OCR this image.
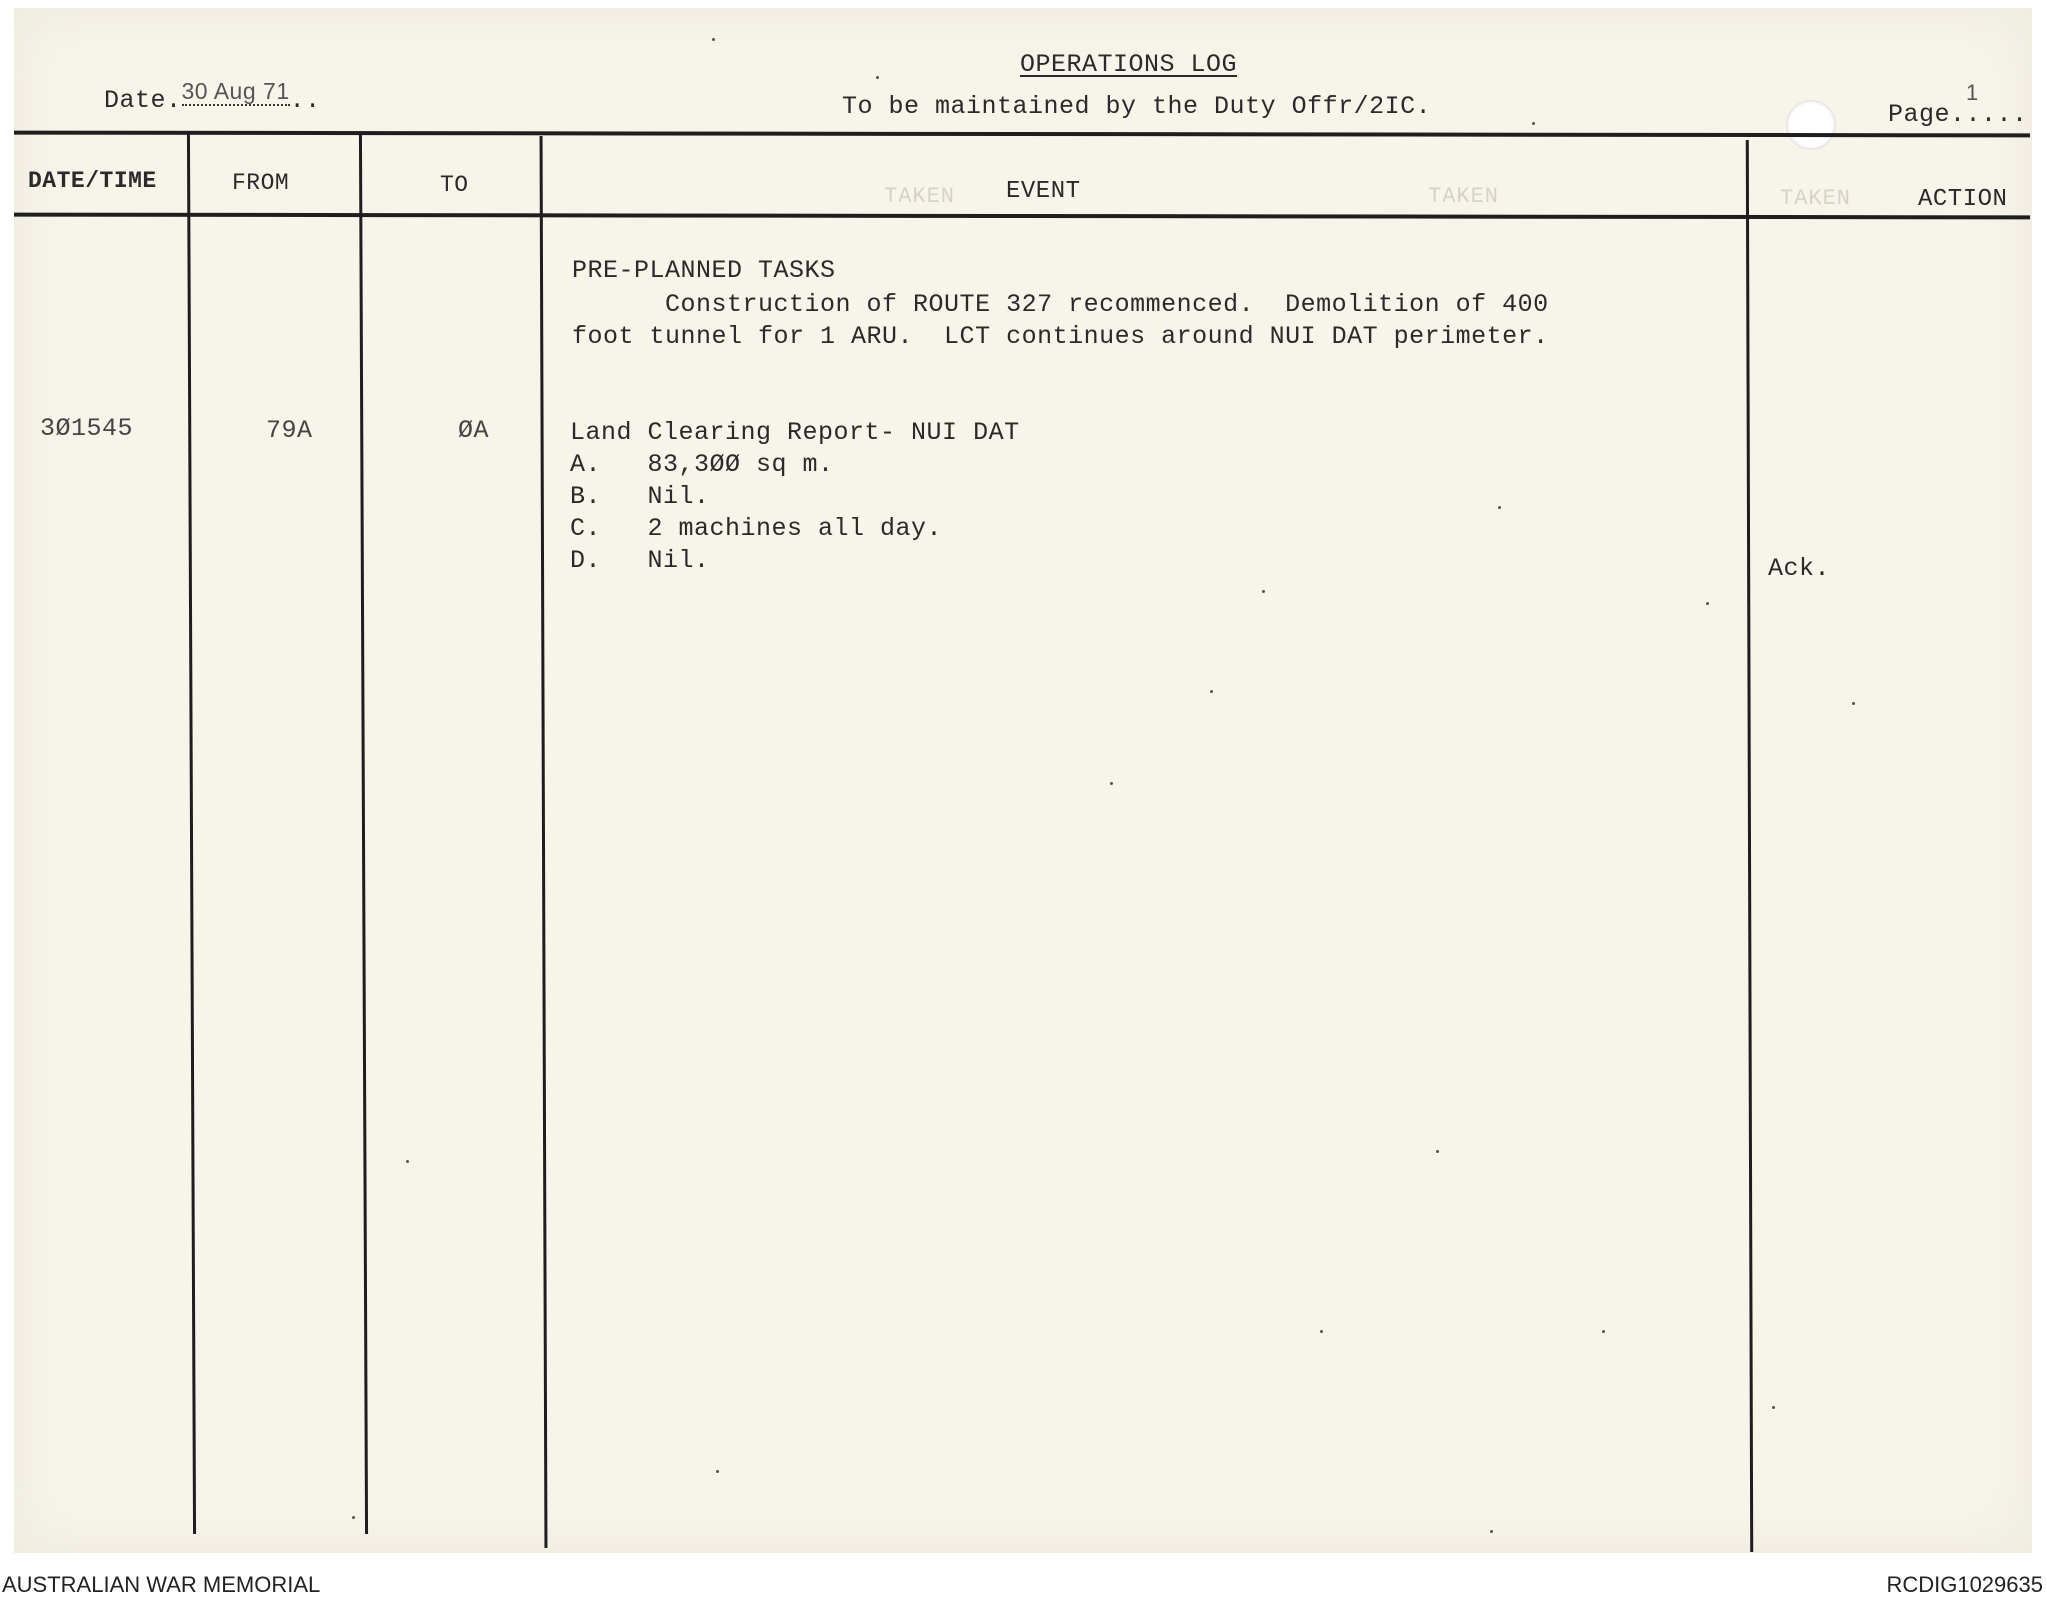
OPERATIONS LOG
To be maintained by the Duty Offr/2IC.
Date.30 Aug 71..	Page.....
1
TAKEN	TAKEN	TAKEN
DATE/TIME	FROM	TO	EVENT	ACTION
PRE-PLANNED TASKS
Construction of ROUTE 327 recommenced.  Demolition of 400
foot tunnel for 1 ARU.  LCT continues around NUI DAT perimeter.
3Ø1545	79A	ØA	Land Clearing Report- NUI DAT
A.   83,3ØØ sq m.
B.   Nil.
C.   2 machines all day.
D.   Nil.	Ack.
AUSTRALIAN WAR MEMORIAL	RCDIG1029635
